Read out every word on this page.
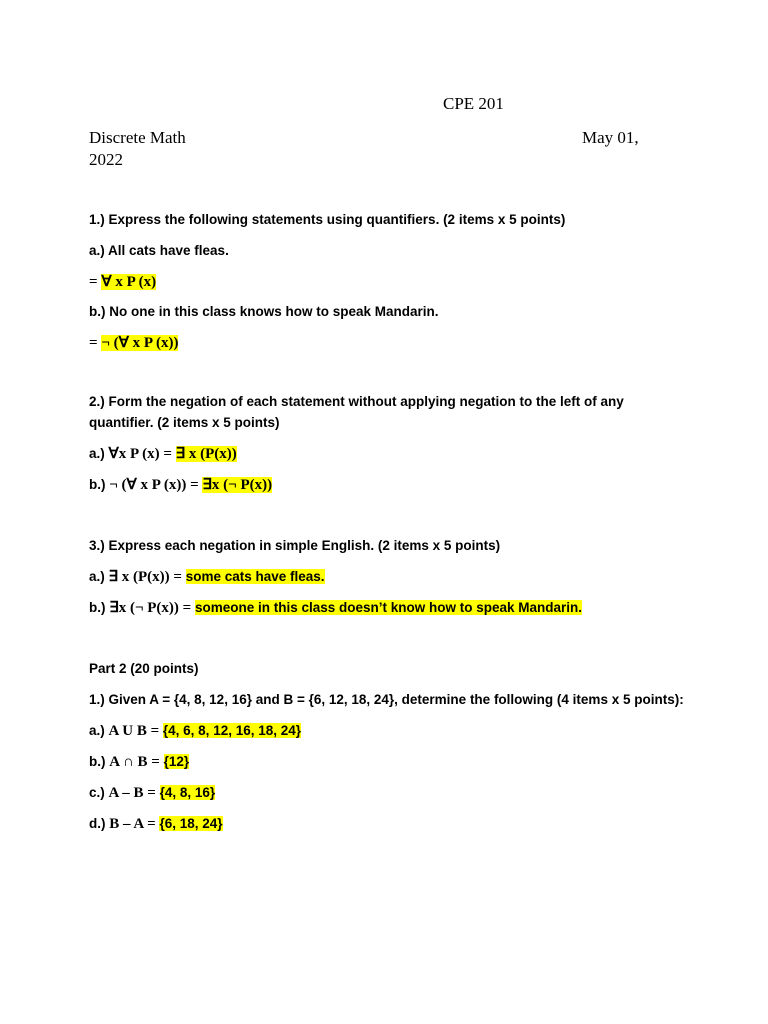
CPE 201
Discrete Math	May 01,
2022
1.) Express the following statements using quantifiers. (2 items x 5 points)
a.) All cats have fleas.
= ∀ x P (x)
b.) No one in this class knows how to speak Mandarin.
= ¬ (∀ x P (x))
2.) Form the negation of each statement without applying negation to the left of any
quantifier. (2 items x 5 points)
a.) ∀x P (x) = ∃ x (P(x))
b.) ¬ (∀ x P (x)) = ∃x (¬ P(x))
3.) Express each negation in simple English. (2 items x 5 points)
a.) ∃ x (P(x)) = some cats have fleas.
b.) ∃x (¬ P(x)) = someone in this class doesn’t know how to speak Mandarin.
Part 2 (20 points)
1.) Given A = {4, 8, 12, 16} and B = {6, 12, 18, 24}, determine the following (4 items x 5 points):
a.) A U B = {4, 6, 8, 12, 16, 18, 24}
b.) A ∩ B = {12}
c.) A – B = {4, 8, 16}
d.) B – A = {6, 18, 24}
